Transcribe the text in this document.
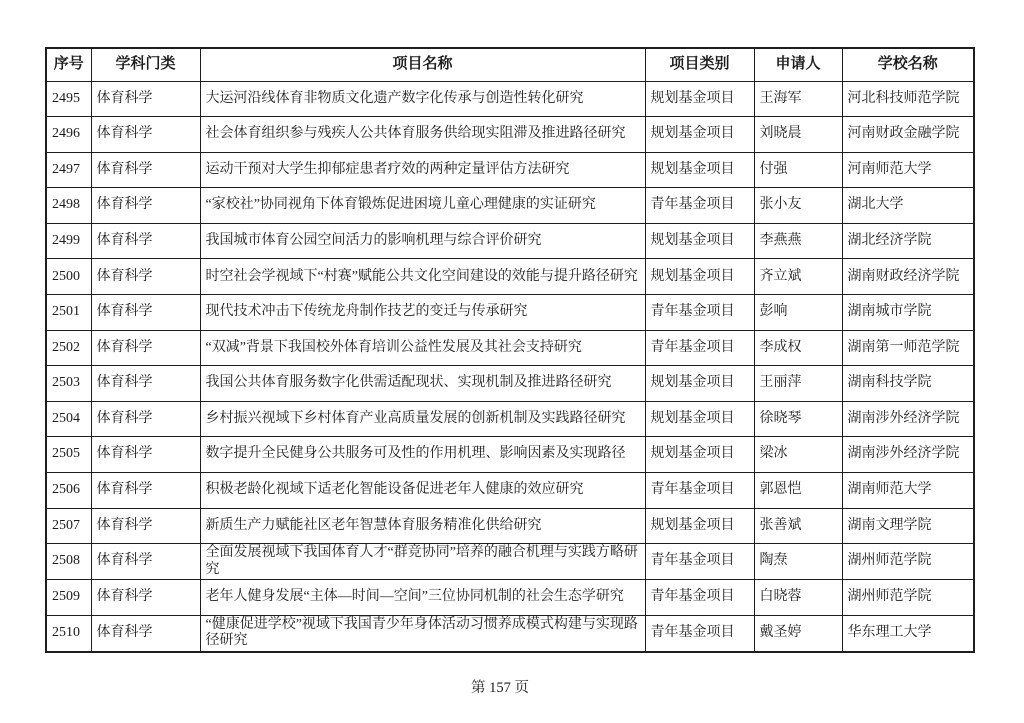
序号	学科门类	项目名称	项目类别	申请人	学校名称
2495	体育科学	大运河沿线体育非物质文化遗产数字化传承与创造性转化研究	规划基金项目	王海军	河北科技师范学院
2496	体育科学	社会体育组织参与残疾人公共体育服务供给现实阻滞及推进路径研究	规划基金项目	刘晓晨	河南财政金融学院
2497	体育科学	运动干预对大学生抑郁症患者疗效的两种定量评估方法研究	规划基金项目	付强	河南师范大学
2498	体育科学	“家校社”协同视角下体育锻炼促进困境儿童心理健康的实证研究	青年基金项目	张小友	湖北大学
2499	体育科学	我国城市体育公园空间活力的影响机理与综合评价研究	规划基金项目	李燕燕	湖北经济学院
2500	体育科学	时空社会学视域下“村赛”赋能公共文化空间建设的效能与提升路径研究	规划基金项目	齐立斌	湖南财政经济学院
2501	体育科学	现代技术冲击下传统龙舟制作技艺的变迁与传承研究	青年基金项目	彭响	湖南城市学院
2502	体育科学	“双减”背景下我国校外体育培训公益性发展及其社会支持研究	青年基金项目	李成权	湖南第一师范学院
2503	体育科学	我国公共体育服务数字化供需适配现状、实现机制及推进路径研究	规划基金项目	王丽萍	湖南科技学院
2504	体育科学	乡村振兴视域下乡村体育产业高质量发展的创新机制及实践路径研究	规划基金项目	徐晓琴	湖南涉外经济学院
2505	体育科学	数字提升全民健身公共服务可及性的作用机理、影响因素及实现路径	规划基金项目	梁冰	湖南涉外经济学院
2506	体育科学	积极老龄化视域下适老化智能设备促进老年人健康的效应研究	青年基金项目	郭恩恺	湖南师范大学
2507	体育科学	新质生产力赋能社区老年智慧体育服务精准化供给研究	规划基金项目	张善斌	湖南文理学院
2508	体育科学	全面发展视域下我国体育人才“群竞协同”培养的融合机理与实践方略研究	青年基金项目	陶焘	湖州师范学院
2509	体育科学	老年人健身发展“主体—时间—空间”三位协同机制的社会生态学研究	青年基金项目	白晓蓉	湖州师范学院
2510	体育科学	“健康促进学校”视域下我国青少年身体活动习惯养成模式构建与实现路径研究	青年基金项目	戴圣婷	华东理工大学
第 157 页
